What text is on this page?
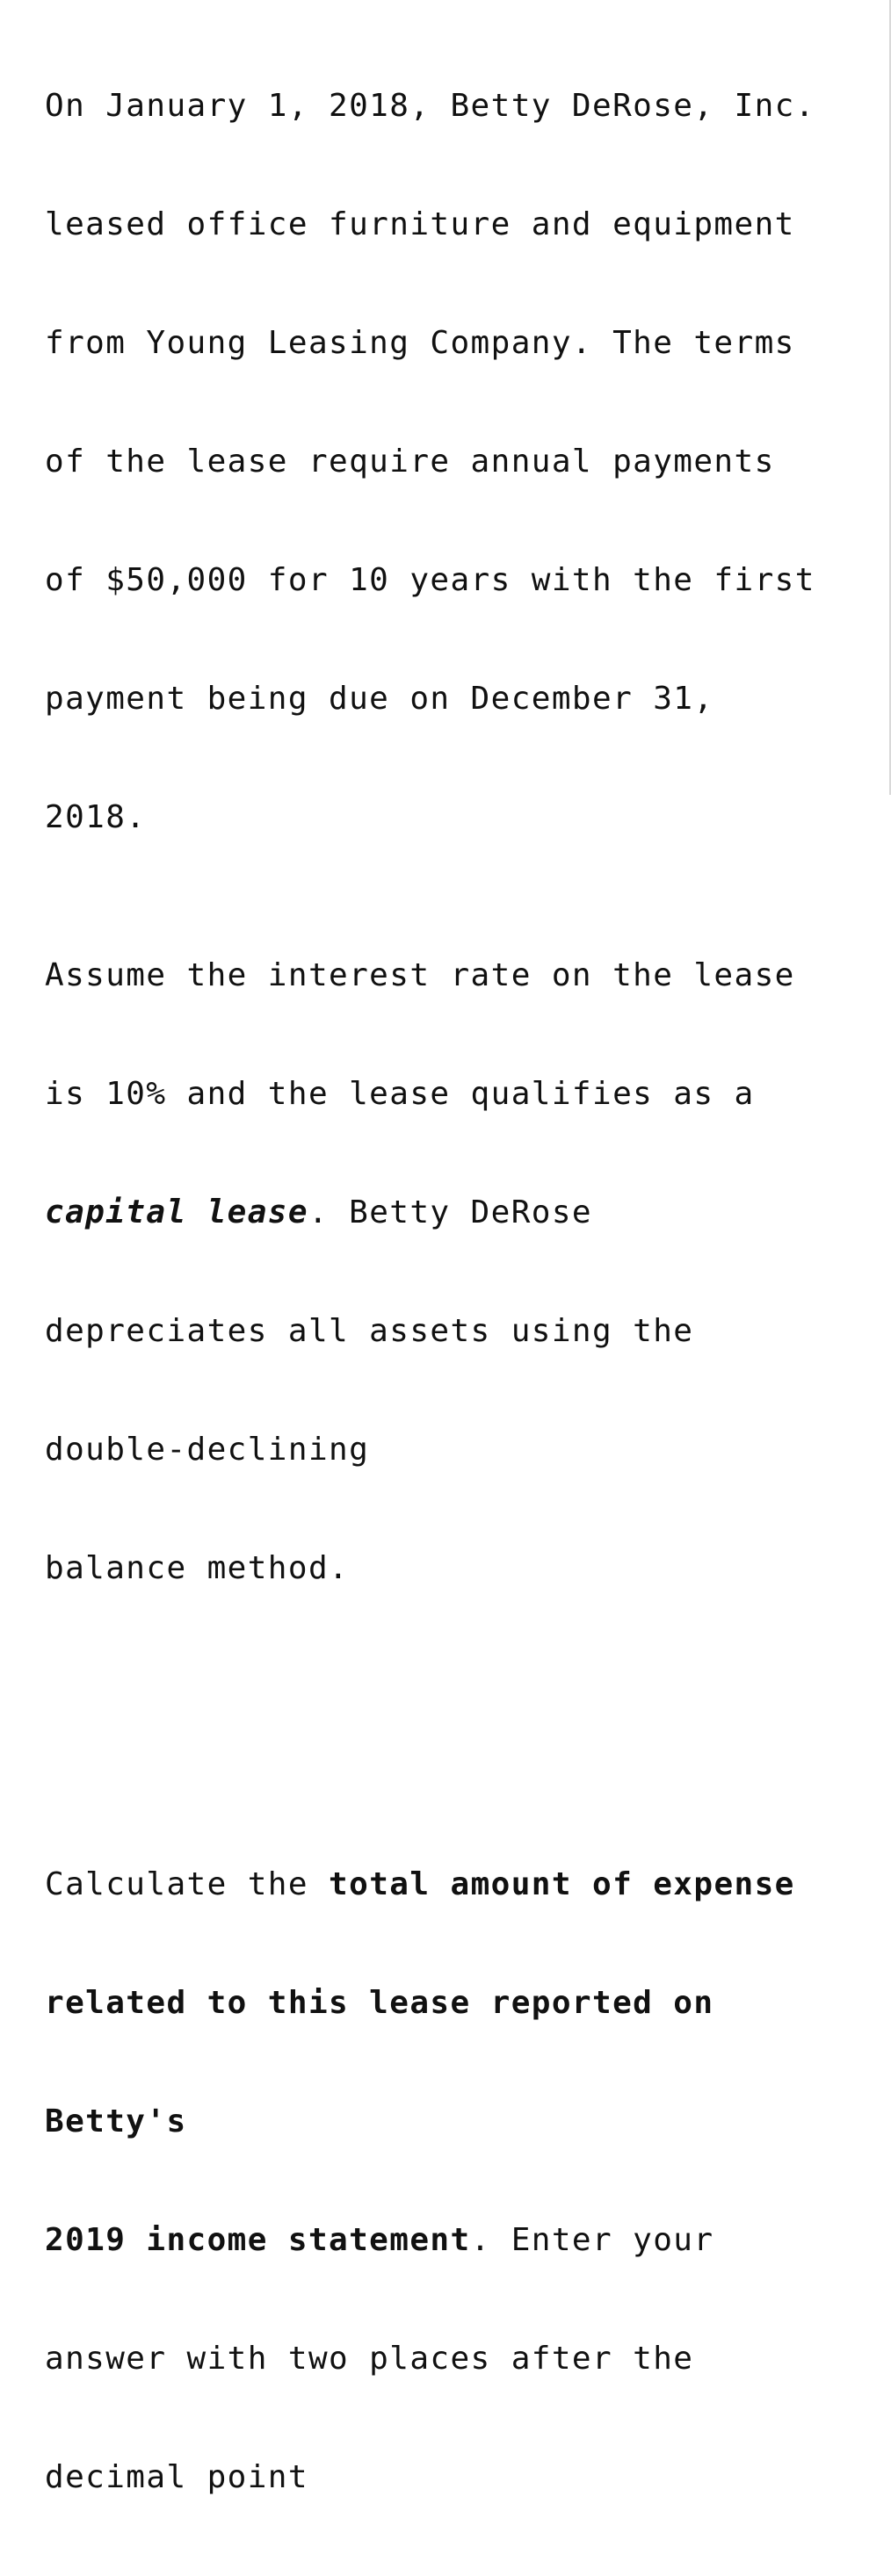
On January 1, 2018, Betty DeRose, Inc.

leased office furniture and equipment

from Young Leasing Company. The terms

of the lease require annual payments

of $50,000 for 10 years with the first

payment being due on December 31,

2018.

Assume the interest rate on the lease

is 10% and the lease qualifies as a

capital lease. Betty DeRose

depreciates all assets using the

double-declining

balance method.

Calculate the total amount of expense

related to this lease reported on

Betty's

2019 income statement. Enter your

answer with two places after the

decimal point
